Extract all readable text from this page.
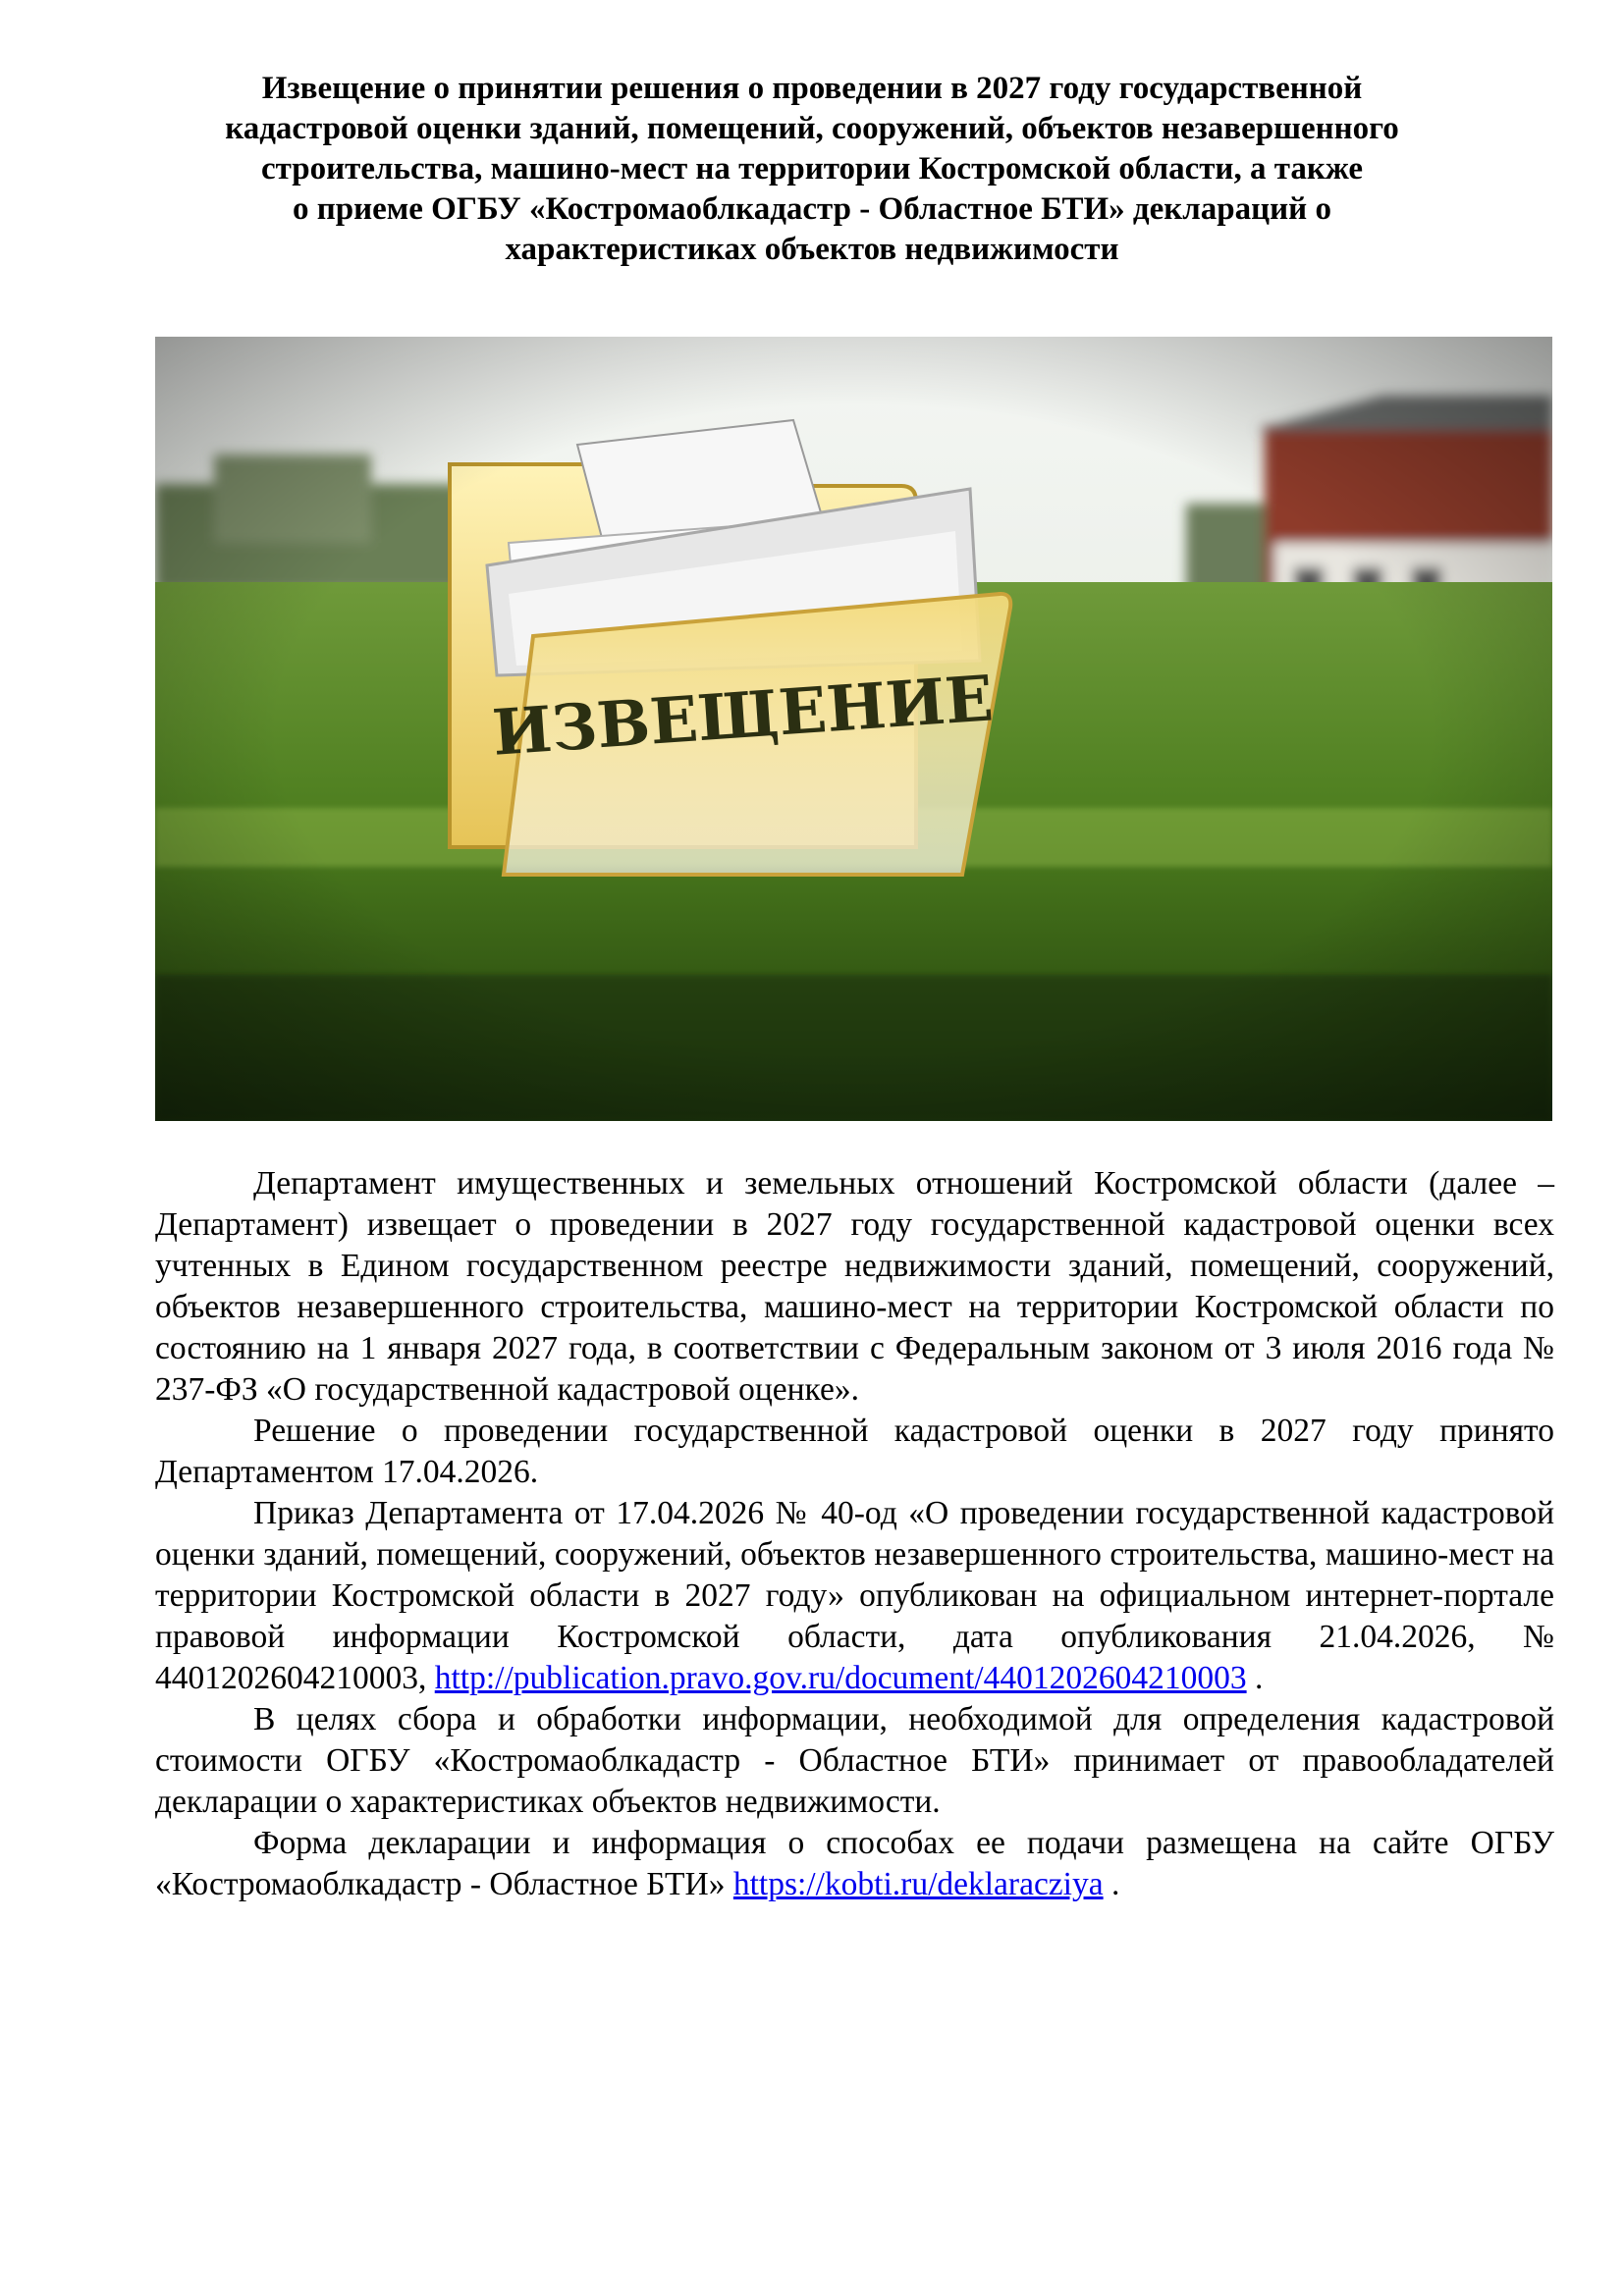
Извещение о принятии решения о проведении в 2027 году государственной
кадастровой оценки зданий, помещений, сооружений, объектов незавершенного
строительства, машино-мест на территории Костромской области, а также
о приеме ОГБУ «Костромаоблкадастр - Областное БТИ» деклараций о
характеристиках объектов недвижимости

Департамент имущественных и земельных отношений Костромской области (далее – Департамент) извещает о проведении в 2027 году государственной кадастровой оценки всех учтенных в Едином государственном реестре недвижимости зданий, помещений, сооружений, объектов незавершенного строительства, машино-мест на территории Костромской области по состоянию на 1 января 2027 года, в соответствии с Федеральным законом от 3 июля 2016 года № 237-ФЗ «О государственной кадастровой оценке».

Решение о проведении государственной кадастровой оценки в 2027 году принято Департаментом 17.04.2026.

Приказ Департамента от 17.04.2026 № 40-од «О проведении государственной кадастровой оценки зданий, помещений, сооружений, объектов незавершенного строительства, машино-мест на территории Костромской области в 2027 году» опубликован на официальном интернет-портале правовой информации Костромской области, дата опубликования 21.04.2026, № 4401202604210003, http://publication.pravo.gov.ru/document/4401202604210003 .

В целях сбора и обработки информации, необходимой для определения кадастровой стоимости ОГБУ «Костромаоблкадастр - Областное БТИ» принимает от правообладателей декларации о характеристиках объектов недвижимости.

Форма декларации и информация о способах ее подачи размещена на сайте ОГБУ «Костромаоблкадастр - Областное БТИ» https://kobti.ru/deklaracziya .
